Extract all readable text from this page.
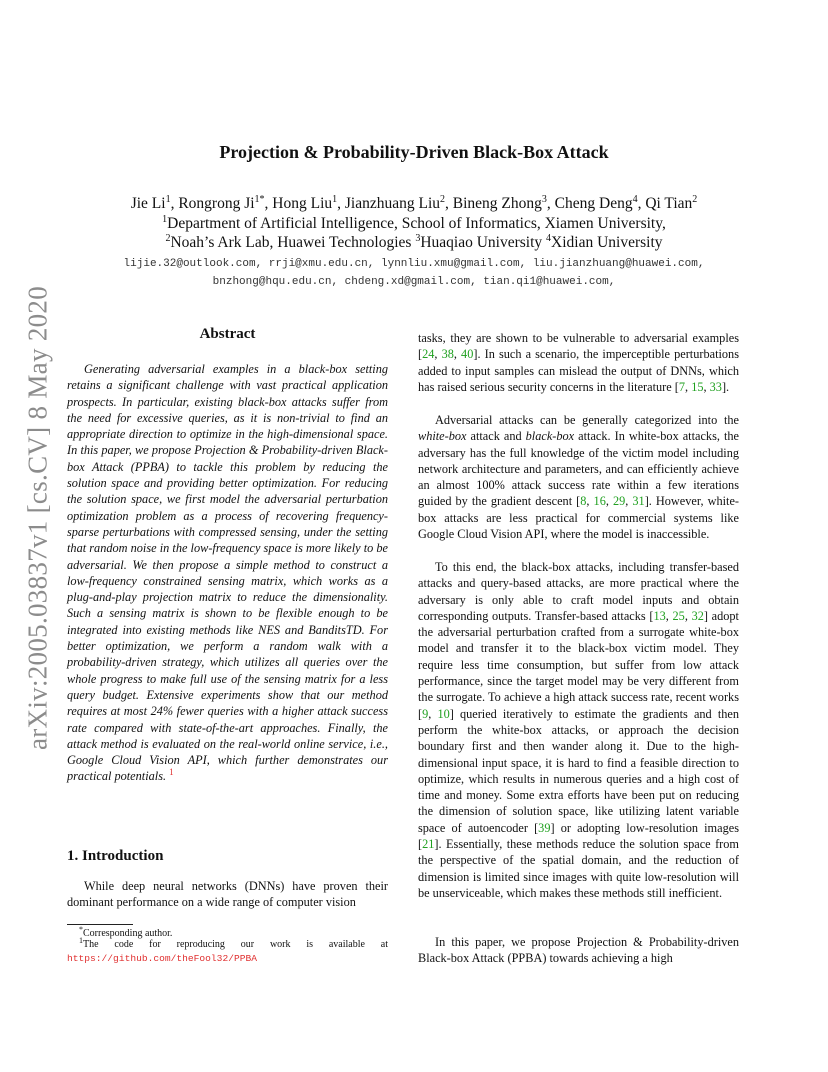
arXiv:2005.03837v1 [cs.CV] 8 May 2020
Projection & Probability-Driven Black-Box Attack
Jie Li$^1$, Rongrong $Ji^{1*}$, Hong Liu$^1$, Jianzhuang Liu$^2$, Bineng Zhong$^3$, Cheng Deng$^4$, Qi Tian$^2$
$^1$Department of Artificial Intelligence, School of Informatics, Xiamen University,
$^2$Noah’s Ark Lab, Huawei Technologies $^3$Huaqiao University $^4$Xidian University
lijie.32@outlook.com, rrji@xmu.edu.cn, lynnliu.xmu@gmail.com, liu.jianzhuang@huawei.com,
bnzhong@hqu.edu.cn, chdeng.xd@gmail.com, tian.qi1@huawei.com,
Abstract

Generating adversarial examples in a black-box setting retains a significant challenge with vast practical application prospects. In particular, existing black-box attacks suffer from the need for excessive queries, as it is non-trivial to find an appropriate direction to optimize in the high-dimensional space. In this paper, we propose Projection & Probability-driven Black-box Attack (PPBA) to tackle this problem by reducing the solution space and providing better optimization. For reducing the solution space, we first model the adversarial perturbation optimization problem as a process of recovering frequency-sparse perturbations with compressed sensing, under the setting that random noise in the low-frequency space is more likely to be adversarial. We then propose a simple method to construct a low-frequency constrained sensing matrix, which works as a plug-and-play projection matrix to reduce the dimensionality. Such a sensing matrix is shown to be flexible enough to be integrated into existing methods like NES and BanditsTD. For better optimization, we perform a random walk with a probability-driven strategy, which utilizes all queries over the whole progress to make full use of the sensing matrix for a less query budget. Extensive experiments show that our method requires at most 24% fewer queries with a higher attack success rate compared with state-of-the-art approaches. Finally, the attack method is evaluated on the real-world online service, i.e., Google Cloud Vision API, which further demonstrates our practical potentials. $^1$

1. Introduction

While deep neural networks (DNNs) have proven their dominant performance on a wide range of computer vision

*Corresponding author.

$^1$The code for reproducing our work is available at https://github.com/theFool32/PPBA

tasks, they are shown to be vulnerable to adversarial examples [24, 38, 40]. In such a scenario, the imperceptible perturbations added to input samples can mislead the output of DNNs, which has raised serious security concerns in the literature [7, 15, 33].

Adversarial attacks can be generally categorized into the white-box attack and black-box attack. In white-box attacks, the adversary has the full knowledge of the victim model including network architecture and parameters, and can efficiently achieve an almost 100% attack success rate within a few iterations guided by the gradient descent [8, 16, 29, 31]. However, white-box attacks are less practical for commercial systems like Google Cloud Vision API, where the model is inaccessible.

To this end, the black-box attacks, including transfer-based attacks and query-based attacks, are more practical where the adversary is only able to craft model inputs and obtain corresponding outputs. Transfer-based attacks [13, 25, 32] adopt the adversarial perturbation crafted from a surrogate white-box model and transfer it to the black-box victim model. They require less time consumption, but suffer from low attack performance, since the target model may be very different from the surrogate. To achieve a high attack success rate, recent works [9, 10] queried iteratively to estimate the gradients and then perform the white-box attacks, or approach the decision boundary first and then wander along it. Due to the high-dimensional input space, it is hard to find a feasible direction to optimize, which results in numerous queries and a high cost of time and money. Some extra efforts have been put on reducing the dimension of solution space, like utilizing latent variable space of autoencoder [39] or adopting low-resolution images [21]. Essentially, these methods reduce the solution space from the perspective of the spatial domain, and the reduction of dimension is limited since images with quite low-resolution will be unserviceable, which makes these methods still inefficient.

In this paper, we propose Projection & Probability-driven Black-box Attack (PPBA) towards achieving a high
